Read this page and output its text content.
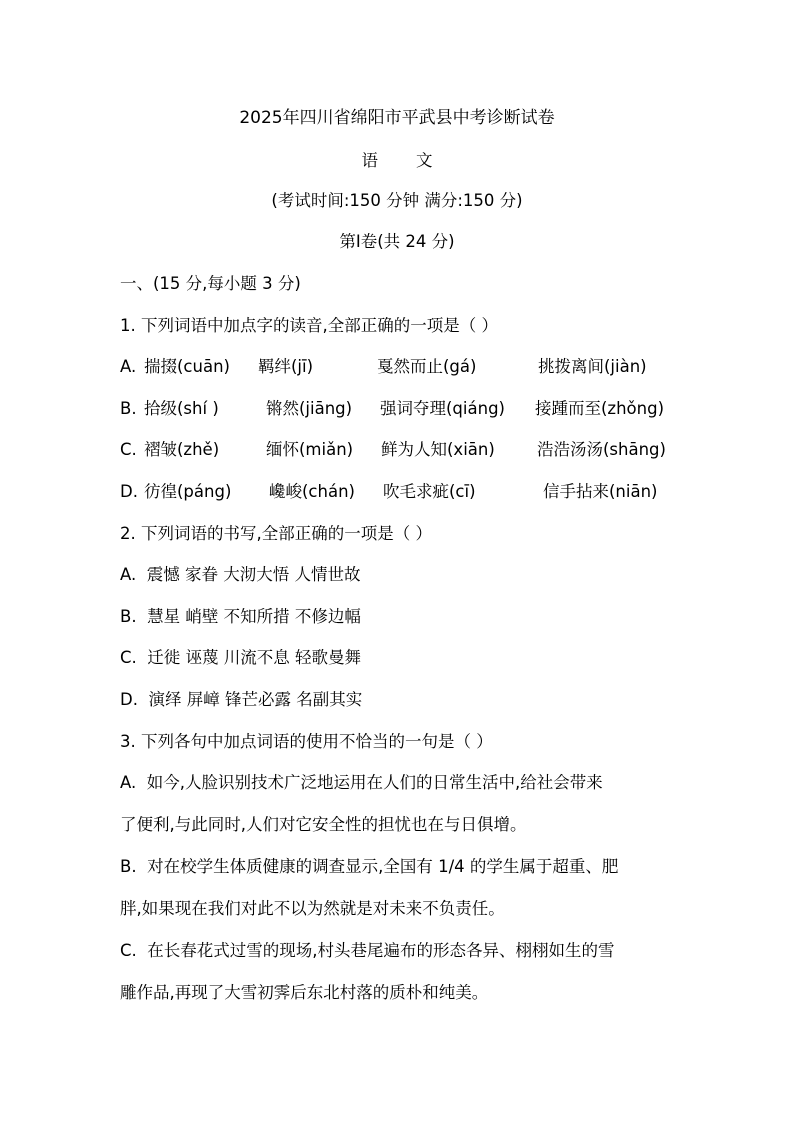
2025年四川省绵阳市平武县中考诊断试卷
语 文
(考试时间:150 分钟 满分:150 分)
第Ⅰ卷(共 24 分)
一、(15 分,每小题 3 分)
1. 下列词语中加点字的读音,全部正确的一项是（ ）
A. 揣掇(cuān) 羁绊(jī)	戛然而止(gá)	挑拨离间(jiàn)
B. 拾级(shí )	锵然(jiāng) 强词夺理(qiáng) 接踵而至(zhǒng)
C. 褶皱(zhě)	缅怀(miǎn) 鲜为人知(xiān)	浩浩汤汤(shāng)
D. 彷徨(páng) 巉峻(chán) 吹毛求疵(cī)	信手拈来(niān)
2. 下列词语的书写,全部正确的一项是（ ）
A. 震憾 家眷 大沏大悟 人情世故
B. 慧星 峭壁 不知所措 不修边幅
C. 迁徙 诬蔑 川流不息 轻歌曼舞
D. 演绎 屏嶂 锋芒必露 名副其实
3. 下列各句中加点词语的使用不恰当的一句是（ ）
A. 如今,人脸识别技术广泛地运用在人们的日常生活中,给社会带来
了便利,与此同时,人们对它安全性的担忧也在与日俱增。
B. 对在校学生体质健康的调查显示,全国有 1/4 的学生属于超重、肥
胖,如果现在我们对此不以为然就是对未来不负责任。
C. 在长春花式过雪的现场,村头巷尾遍布的形态各异、栩栩如生的雪
雕作品,再现了大雪初霁后东北村落的质朴和纯美。
